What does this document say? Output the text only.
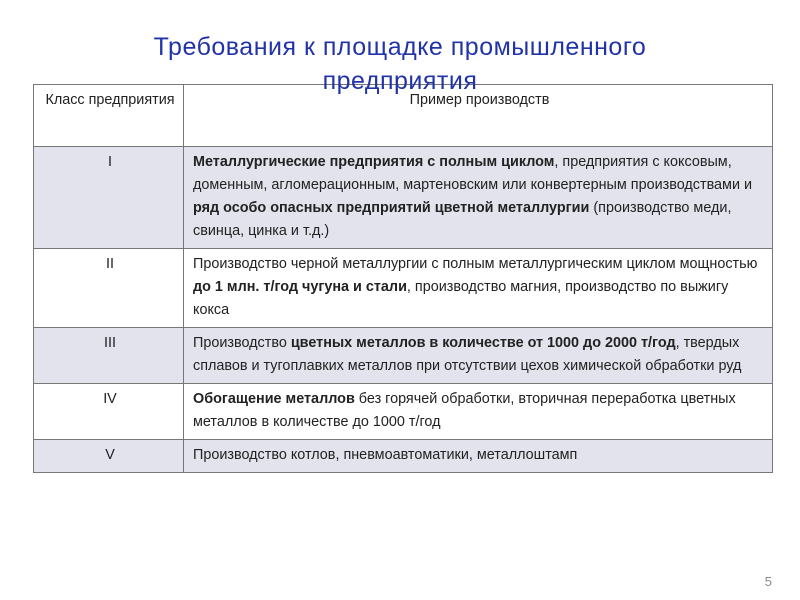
Требования к площадке промышленного
предприятия
Класс предприятия	Пример производств
I	Металлургические предприятия с полным циклом, предприятия с коксовым, доменным, агломерационным, мартеновским или конвертерным производствами и ряд особо опасных предприятий цветной металлургии (производство меди, свинца, цинка и т.д.)
II	Производство черной металлургии с полным металлургическим циклом мощностью до 1 млн. т/год чугуна и стали, производство магния, производство по выжигу кокса
III	Производство цветных металлов в количестве от 1000 до 2000 т/год, твердых сплавов и тугоплавких металлов при отсутствии цехов химической обработки руд
IV	Обогащение металлов без горячей обработки, вторичная переработка цветных металлов в количестве до 1000 т/год
V	Производство котлов, пневмоавтоматики, металлоштамп
5
